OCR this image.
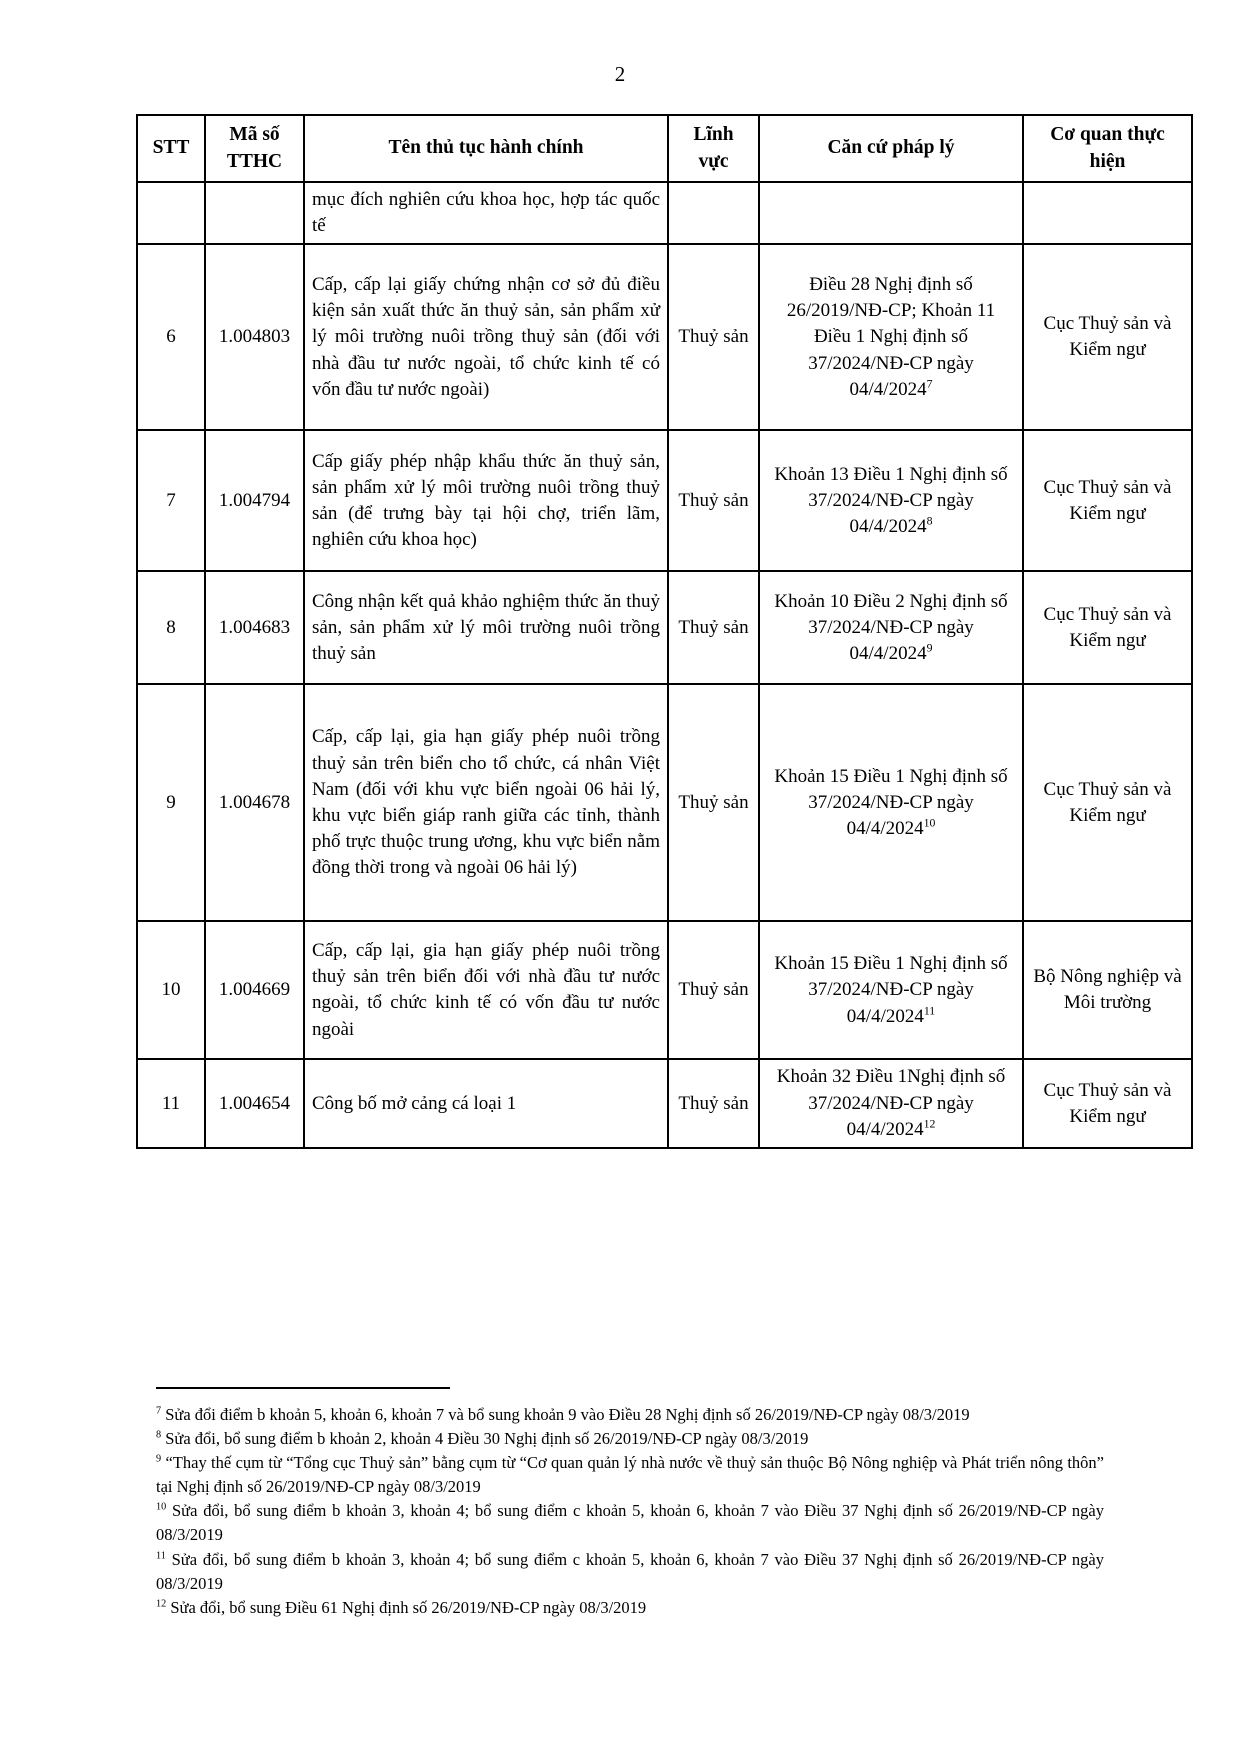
2
STT	Mã số TTHC	Tên thủ tục hành chính	Lĩnh vực	Căn cứ pháp lý	Cơ quan thực hiện
		mục đích nghiên cứu khoa học, hợp tác quốc tế			
6	1.004803	Cấp, cấp lại giấy chứng nhận cơ sở đủ điều kiện sản xuất thức ăn thuỷ sản, sản phẩm xử lý môi trường nuôi trồng thuỷ sản (đối với nhà đầu tư nước ngoài, tổ chức kinh tế có vốn đầu tư nước ngoài)	Thuỷ sản	Điều 28 Nghị định số 26/2019/NĐ-CP; Khoản 11 Điều 1 Nghị định số 37/2024/NĐ-CP ngày 04/4/2024$^7$	Cục Thuỷ sản và Kiểm ngư
7	1.004794	Cấp giấy phép nhập khẩu thức ăn thuỷ sản, sản phẩm xử lý môi trường nuôi trồng thuỷ sản (để trưng bày tại hội chợ, triển lãm, nghiên cứu khoa học)	Thuỷ sản	Khoản 13 Điều 1 Nghị định số 37/2024/NĐ-CP ngày 04/4/2024$^8$	Cục Thuỷ sản và Kiểm ngư
8	1.004683	Công nhận kết quả khảo nghiệm thức ăn thuỷ sản, sản phẩm xử lý môi trường nuôi trồng thuỷ sản	Thuỷ sản	Khoản 10 Điều 2 Nghị định số 37/2024/NĐ-CP ngày 04/4/2024$^9$	Cục Thuỷ sản và Kiểm ngư
9	1.004678	Cấp, cấp lại, gia hạn giấy phép nuôi trồng thuỷ sản trên biển cho tổ chức, cá nhân Việt Nam (đối với khu vực biển ngoài 06 hải lý, khu vực biển giáp ranh giữa các tỉnh, thành phố trực thuộc trung ương, khu vực biển nằm đồng thời trong và ngoài 06 hải lý)	Thuỷ sản	Khoản 15 Điều 1 Nghị định số 37/2024/NĐ-CP ngày 04/4/2024$^{10}$	Cục Thuỷ sản và Kiểm ngư
10	1.004669	Cấp, cấp lại, gia hạn giấy phép nuôi trồng thuỷ sản trên biển đối với nhà đầu tư nước ngoài, tổ chức kinh tế có vốn đầu tư nước ngoài	Thuỷ sản	Khoản 15 Điều 1 Nghị định số 37/2024/NĐ-CP ngày 04/4/2024$^{11}$	Bộ Nông nghiệp và Môi trường
11	1.004654	Công bố mở cảng cá loại 1	Thuỷ sản	Khoản 32 Điều 1Nghị định số 37/2024/NĐ-CP ngày 04/4/2024$^{12}$	Cục Thuỷ sản và Kiểm ngư
$^7$ Sửa đổi điểm b khoản 5, khoản 6, khoản 7 và bổ sung khoản 9 vào Điều 28 Nghị định số 26/2019/NĐ-CP ngày 08/3/2019
$^8$ Sửa đổi, bổ sung điểm b khoản 2, khoản 4 Điều 30 Nghị định số 26/2019/NĐ-CP ngày 08/3/2019
$^9$ “Thay thế cụm từ “Tổng cục Thuỷ sản” bằng cụm từ “Cơ quan quản lý nhà nước về thuỷ sản thuộc Bộ Nông nghiệp và Phát triển nông thôn” tại Nghị định số 26/2019/NĐ-CP ngày 08/3/2019
$^{10}$ Sửa đổi, bổ sung điểm b khoản 3, khoản 4; bổ sung điểm c khoản 5, khoản 6, khoản 7 vào Điều 37 Nghị định số 26/2019/NĐ-CP ngày 08/3/2019
$^{11}$ Sửa đổi, bổ sung điểm b khoản 3, khoản 4; bổ sung điểm c khoản 5, khoản 6, khoản 7 vào Điều 37 Nghị định số 26/2019/NĐ-CP ngày 08/3/2019
$^{12}$ Sửa đổi, bổ sung Điều 61 Nghị định số 26/2019/NĐ-CP ngày 08/3/2019
